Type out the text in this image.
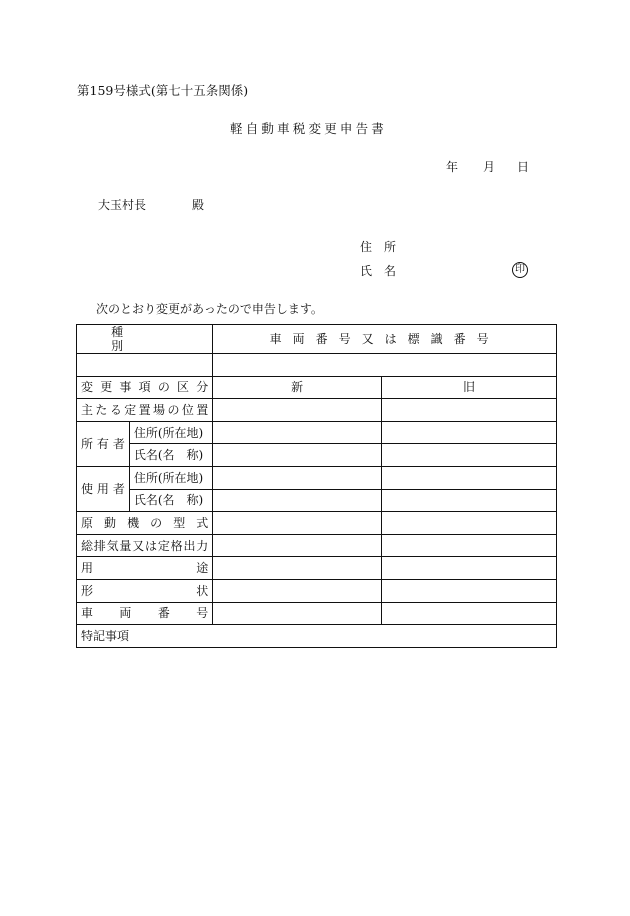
第159号様式(第七十五条関係)
軽自動車税変更申告書
年 月 日
大玉村長	殿
住所
氏名	印
次のとおり変更があったので申告します。
種別		車両番号又は標識番号	

変更事項の区分		新	旧
主たる定置場の位置			
所有者	住所(所在地)		
	氏名(名　称)		
使用者	住所(所在地)		
	氏名(名　称)		
原動機の型式			
総排気量又は定格出力			
用途			
形状			
車両番号			
特記事項			
